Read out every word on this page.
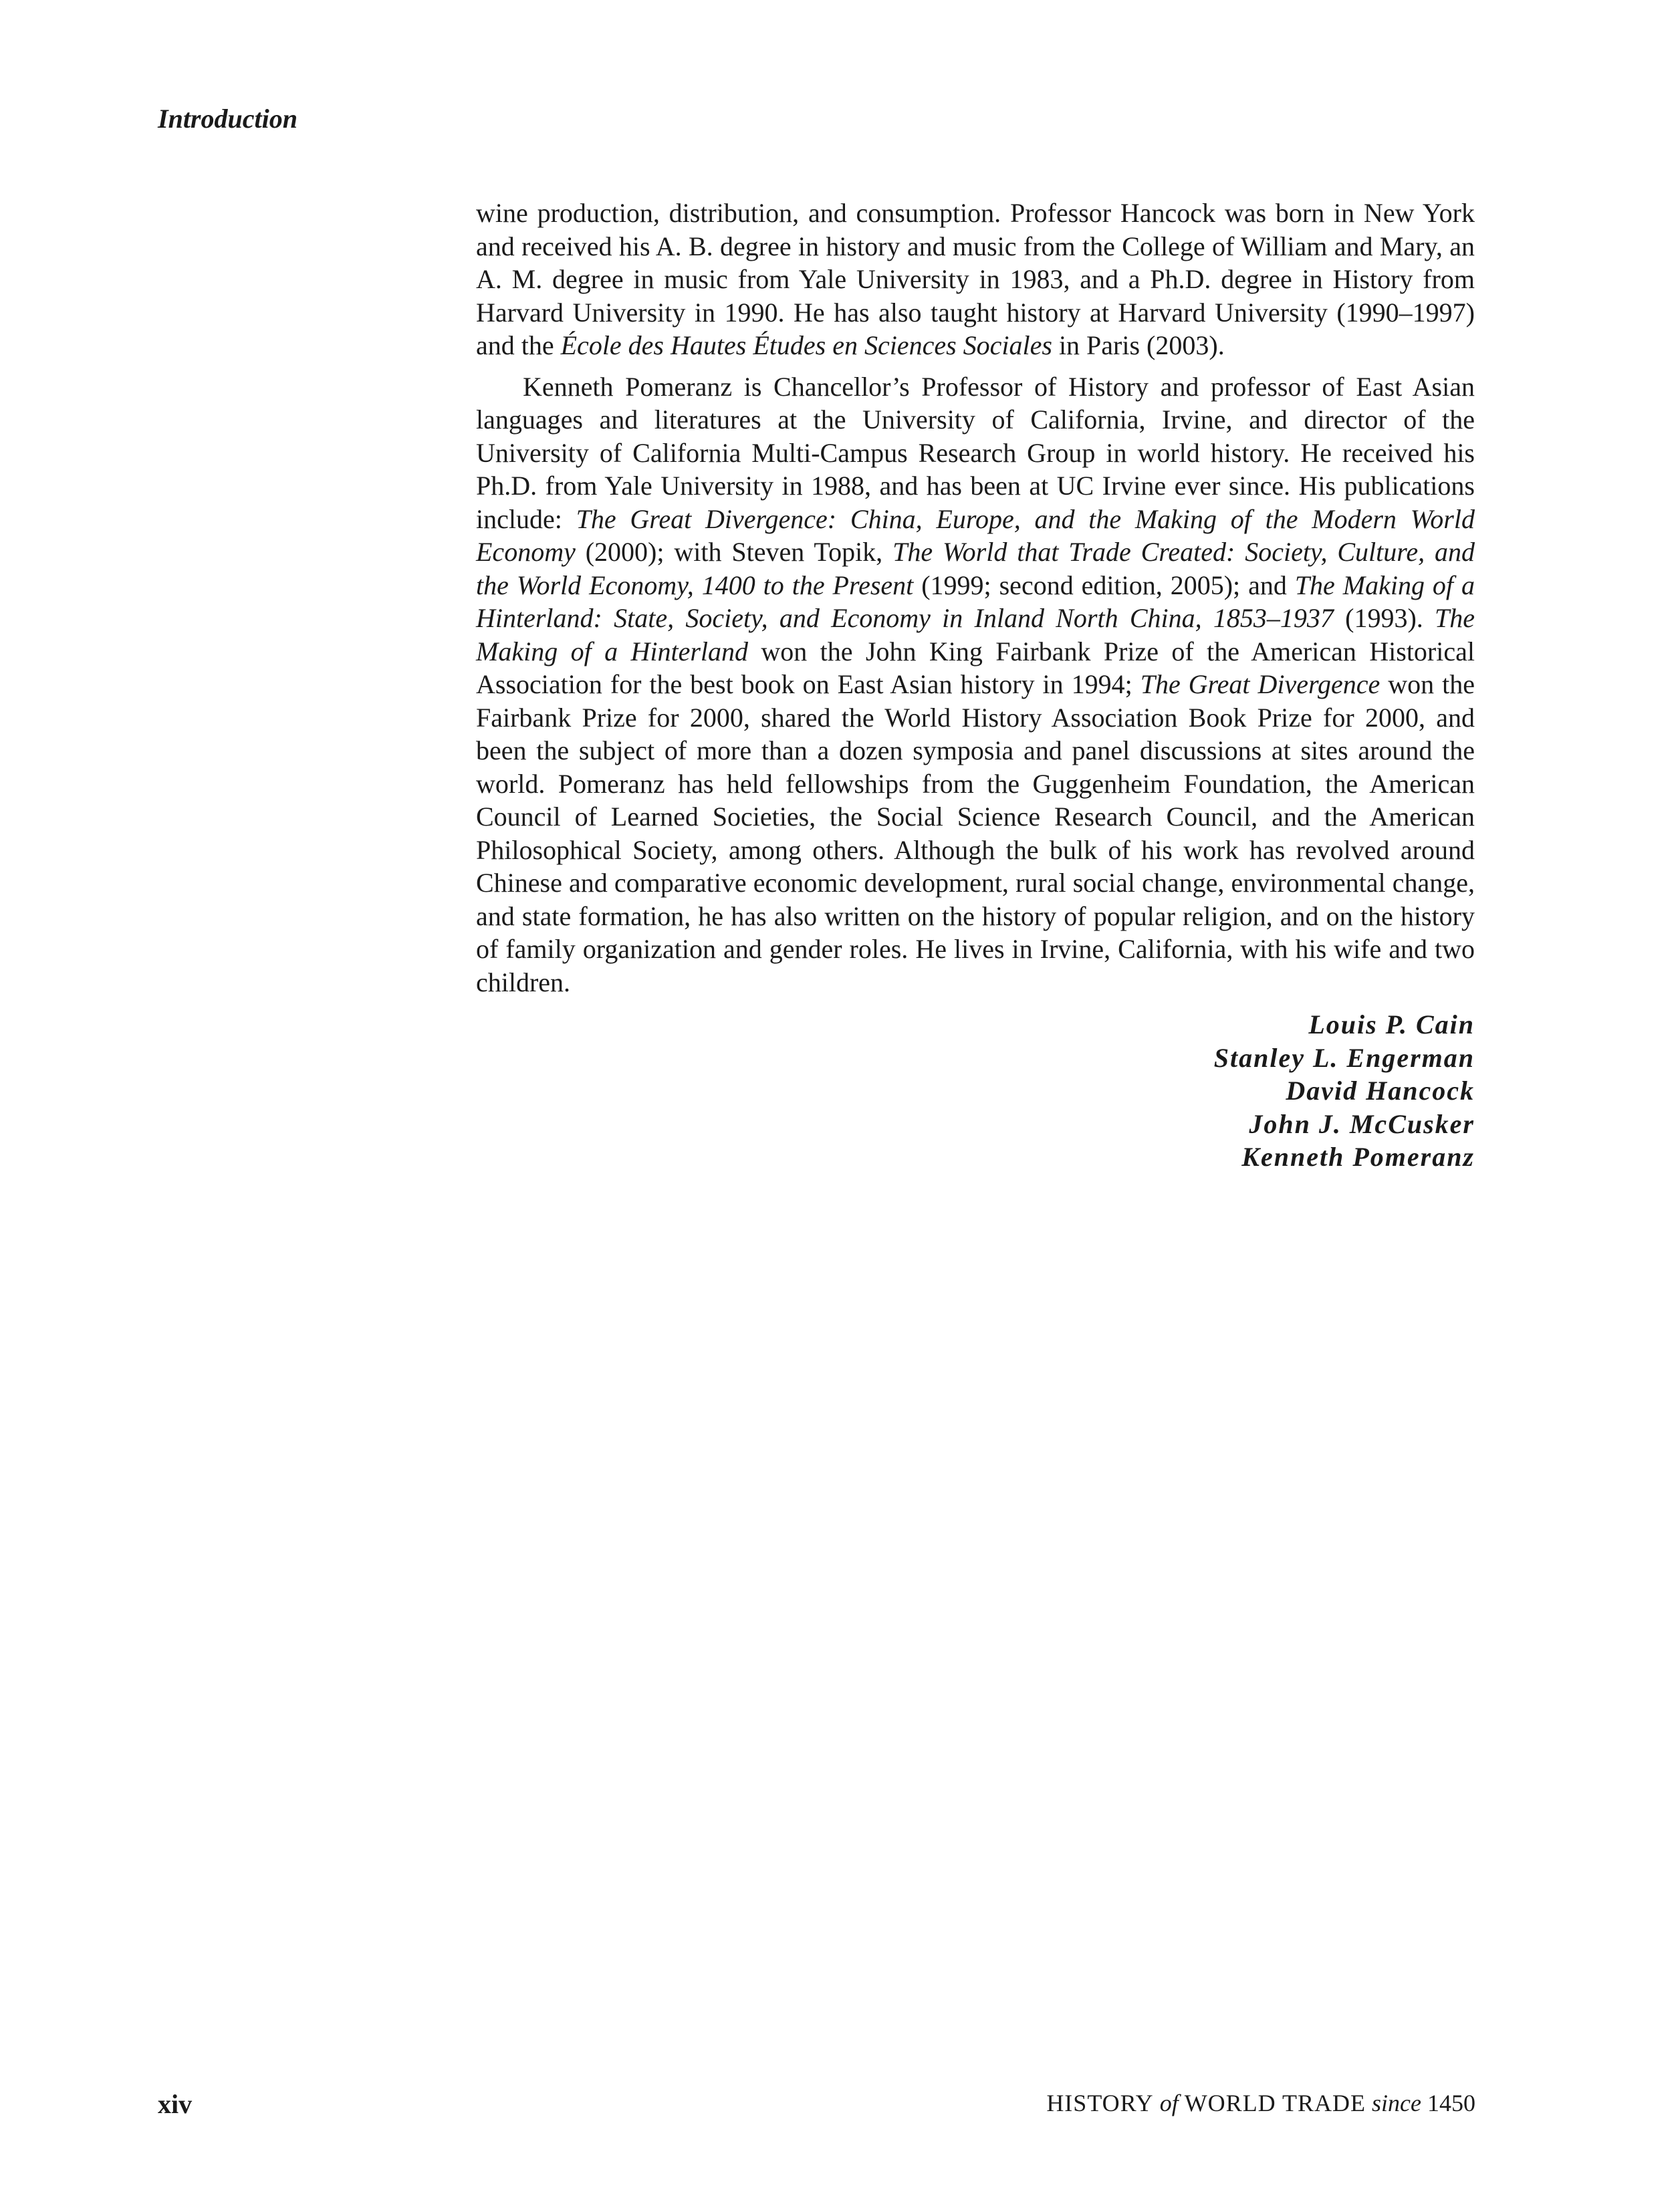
Introduction

wine production, distribution, and consumption. Professor Hancock was born in New York and received his A. B. degree in history and music from the College of William and Mary, an A. M. degree in music from Yale University in 1983, and a Ph.D. degree in History from Harvard University in 1990. He has also taught history at Harvard University (1990–1997) and the École des Hautes Études en Sciences Sociales in Paris (2003).

Kenneth Pomeranz is Chancellor’s Professor of History and professor of East Asian languages and literatures at the University of California, Irvine, and director of the University of California Multi-Campus Research Group in world history. He received his Ph.D. from Yale University in 1988, and has been at UC Irvine ever since. His publications include: The Great Divergence: China, Europe, and the Making of the Modern World Economy (2000); with Steven Topik, The World that Trade Created: Society, Culture, and the World Economy, 1400 to the Present (1999; second edition, 2005); and The Making of a Hinterland: State, Society, and Economy in Inland North China, 1853–1937 (1993). The Making of a Hinterland won the John King Fairbank Prize of the American Historical Association for the best book on East Asian history in 1994; The Great Divergence won the Fairbank Prize for 2000, shared the World History Association Book Prize for 2000, and been the subject of more than a dozen symposia and panel discussions at sites around the world. Pomeranz has held fellowships from the Guggenheim Foundation, the American Council of Learned Societies, the Social Science Research Council, and the American Philosophical Society, among others. Although the bulk of his work has revolved around Chinese and comparative economic development, rural social change, environmental change, and state formation, he has also written on the history of popular religion, and on the history of family organization and gender roles. He lives in Irvine, California, with his wife and two children.

Louis P. Cain
Stanley L. Engerman
David Hancock
John J. McCusker
Kenneth Pomeranz
xiv	HISTORY of WORLD TRADE since 1450
